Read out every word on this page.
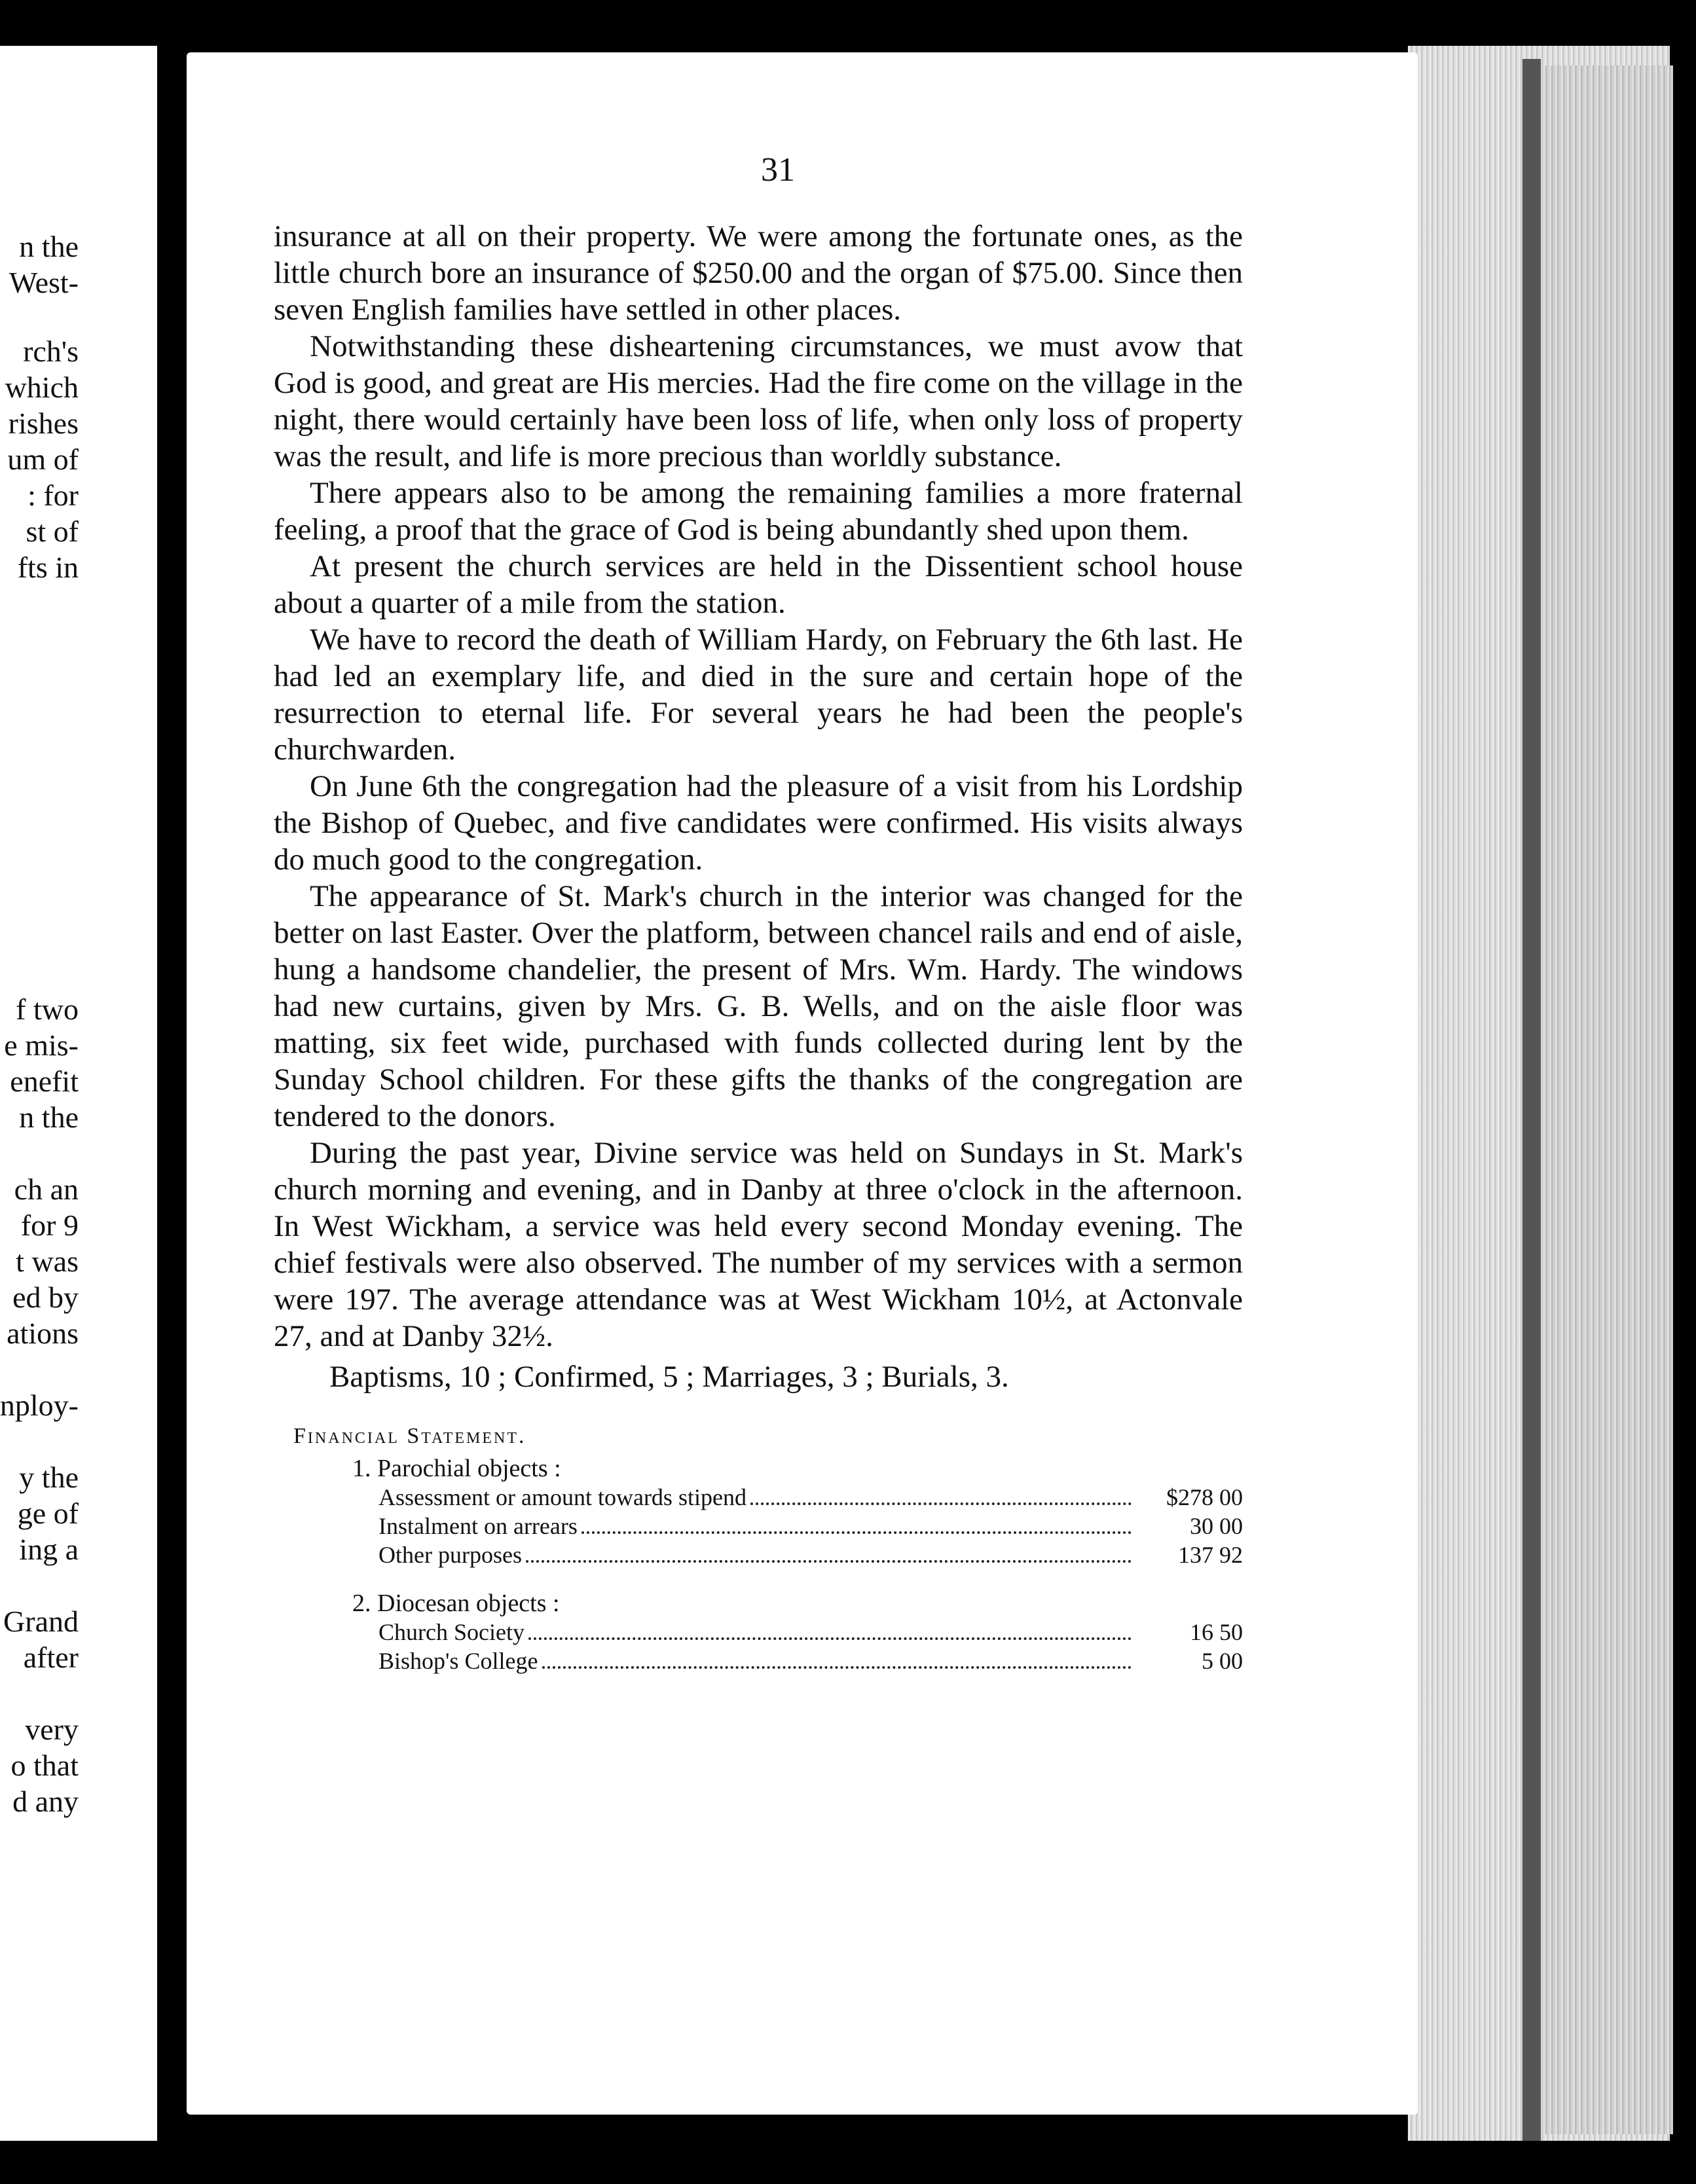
n the
West-
rch's
which
rishes
um of
: for
st of
fts in
f two
e mis-
enefit
n the
ch an
for 9
t was
ed by
ations
nploy-
y the
ge of
ing a
Grand
after
very
o that
d any
31

insurance at all on their property. We were among the fortunate ones, as the little church bore an insurance of $250.00 and the organ of $75.00. Since then seven English families have settled in other places.

Notwithstanding these disheartening circumstances, we must avow that God is good, and great are His mercies. Had the fire come on the village in the night, there would certainly have been loss of life, when only loss of property was the result, and life is more precious than worldly substance.

There appears also to be among the remaining families a more fraternal feeling, a proof that the grace of God is being abundantly shed upon them.

At present the church services are held in the Dissentient school house about a quarter of a mile from the station.

We have to record the death of William Hardy, on February the 6th last. He had led an exemplary life, and died in the sure and certain hope of the resurrection to eternal life. For several years he had been the people's churchwarden.

On June 6th the congregation had the pleasure of a visit from his Lordship the Bishop of Quebec, and five candidates were confirmed. His visits always do much good to the congregation.

The appearance of St. Mark's church in the interior was changed for the better on last Easter. Over the platform, between chancel rails and end of aisle, hung a handsome chandelier, the present of Mrs. Wm. Hardy. The windows had new curtains, given by Mrs. G. B. Wells, and on the aisle floor was matting, six feet wide, purchased with funds collected during lent by the Sunday School children. For these gifts the thanks of the congregation are tendered to the donors.

During the past year, Divine service was held on Sundays in St. Mark's church morning and evening, and in Danby at three o'clock in the afternoon. In West Wickham, a service was held every second Monday evening. The chief festivals were also observed. The number of my services with a sermon were 197. The average attendance was at West Wickham 10½, at Actonvale 27, and at Danby 32½.

Baptisms, 10 ; Confirmed, 5 ; Marriages, 3 ; Burials, 3.
Financial Statement.
1. Parochial objects :
Assessment or amount towards stipend	$278 00
Instalment on arrears	30 00
Other purposes	137 92
2. Diocesan objects :
Church Society	16 50
Bishop's College	5 00
